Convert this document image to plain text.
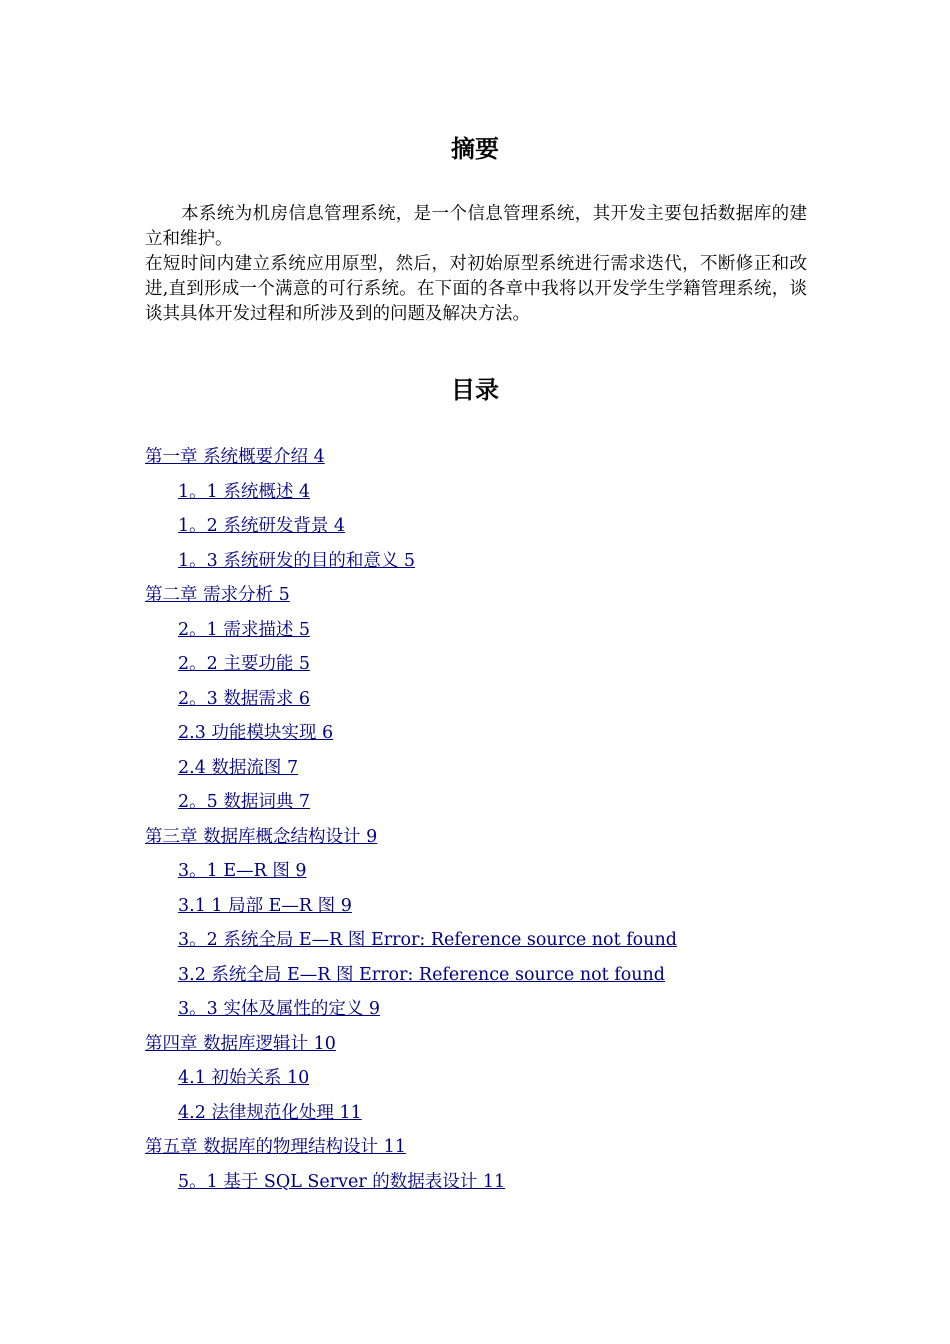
摘要

本系统为机房信息管理系统，是一个信息管理系统，其开发主要包括数据库的建立和维护。

在短时间内建立系统应用原型，然后，对初始原型系统进行需求迭代，不断修正和改进,直到形成一个满意的可行系统。在下面的各章中我将以开发学生学籍管理系统，谈谈其具体开发过程和所涉及到的问题及解决方法。

目录
第一章 系统概要介绍 4
1。1 系统概述 4
1。2 系统研发背景 4
1。3 系统研发的目的和意义 5
第二章 需求分析 5
2。1 需求描述 5
2。2 主要功能 5
2。3 数据需求 6
2.3 功能模块实现 6
2.4 数据流图 7
2。5 数据词典 7
第三章 数据库概念结构设计 9
3。1 E—R 图 9
3.1 1 局部 E—R 图 9
3。2 系统全局 E—R 图 Error: Reference source not found
3.2 系统全局 E—R 图 Error: Reference source not found
3。3 实体及属性的定义 9
第四章 数据库逻辑计 10
4.1 初始关系 10
4.2 法律规范化处理 11
第五章 数据库的物理结构设计 11
5。1 基于 SQL Server 的数据表设计 11
